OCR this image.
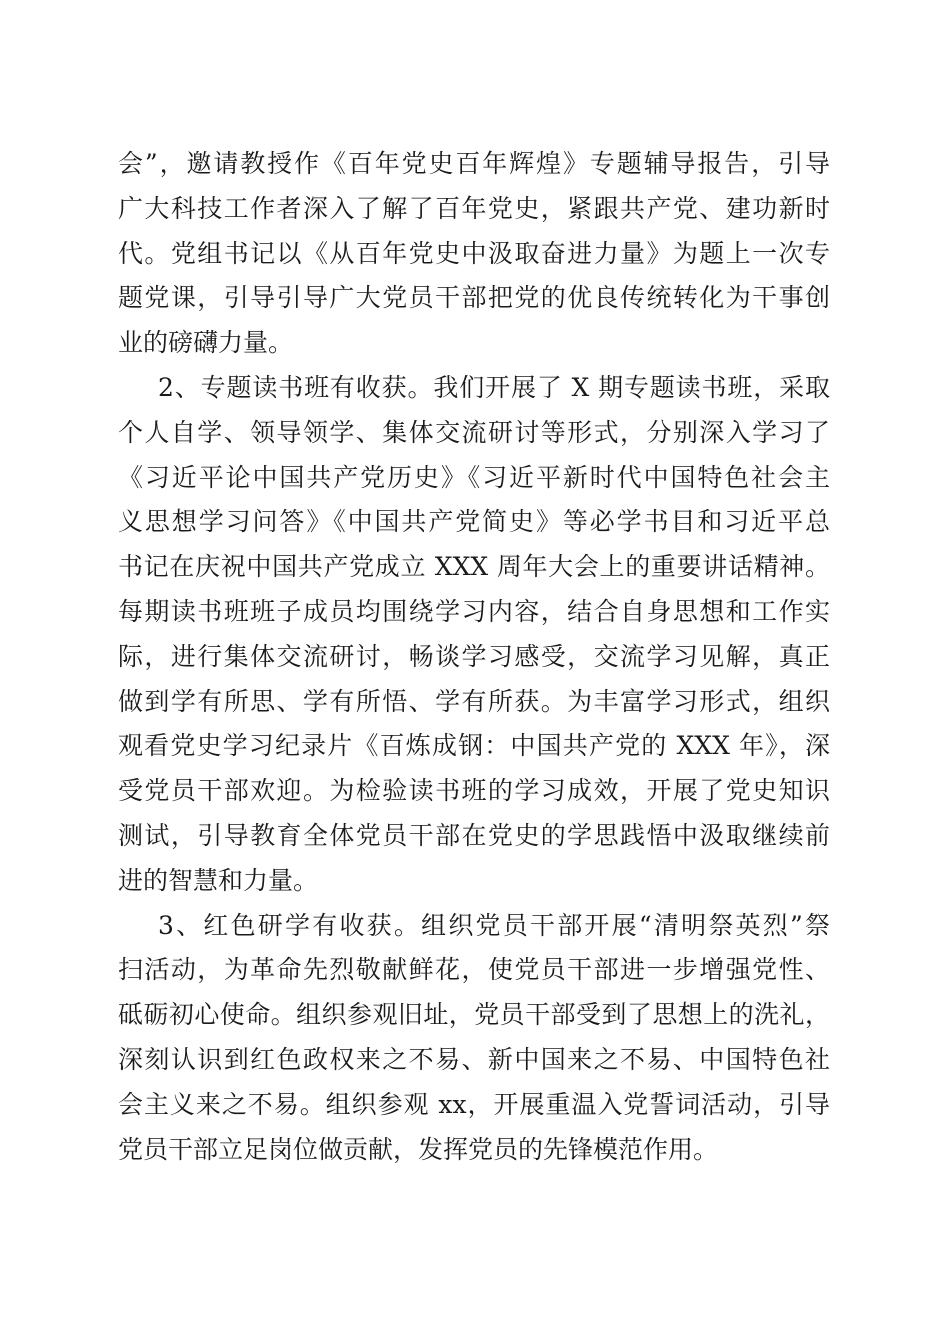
会”，邀请教授作《百年党史百年辉煌》专题辅导报告，引导
广大科技工作者深入了解了百年党史，紧跟共产党、建功新时
代。党组书记以《从百年党史中汲取奋进力量》为题上一次专
题党课，引导引导广大党员干部把党的优良传统转化为干事创
业的磅礴力量。
2、专题读书班有收获。我们开展了 X 期专题读书班，采取
个人自学、领导领学、集体交流研讨等形式，分别深入学习了
《习近平论中国共产党历史》《习近平新时代中国特色社会主
义思想学习问答》《中国共产党简史》等必学书目和习近平总
书记在庆祝中国共产党成立 XXX 周年大会上的重要讲话精神。
每期读书班班子成员均围绕学习内容，结合自身思想和工作实
际，进行集体交流研讨，畅谈学习感受，交流学习见解，真正
做到学有所思、学有所悟、学有所获。为丰富学习形式，组织
观看党史学习纪录片《百炼成钢：中国共产党的 XXX 年》，深
受党员干部欢迎。为检验读书班的学习成效，开展了党史知识
测试，引导教育全体党员干部在党史的学思践悟中汲取继续前
进的智慧和力量。
3、红色研学有收获。组织党员干部开展“清明祭英烈”祭
扫活动，为革命先烈敬献鲜花，使党员干部进一步增强党性、
砥砺初心使命。组织参观旧址，党员干部受到了思想上的洗礼，
深刻认识到红色政权来之不易、新中国来之不易、中国特色社
会主义来之不易。组织参观 xx，开展重温入党誓词活动，引导
党员干部立足岗位做贡献，发挥党员的先锋模范作用。
